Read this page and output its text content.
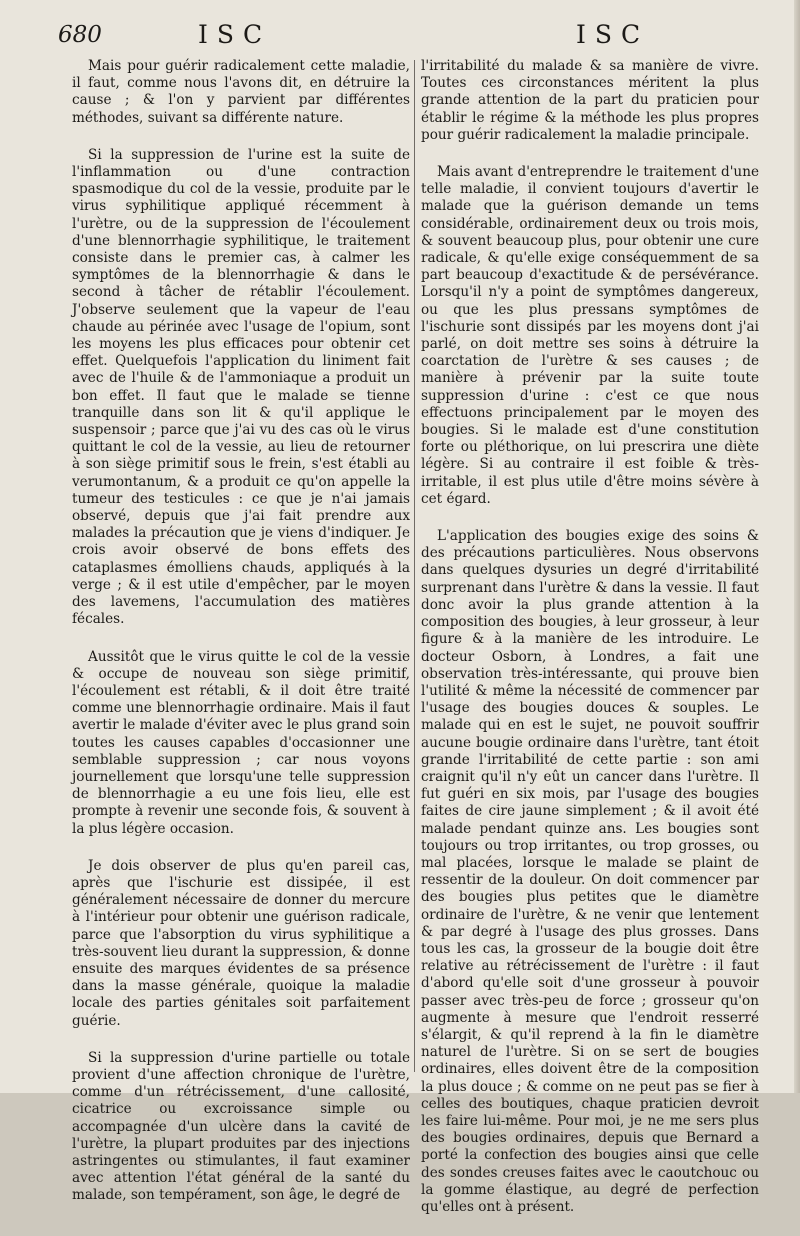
680	ISC	ISC

Mais pour guérir radicalement cette maladie, il faut, comme nous l'avons dit, en détruire la cause ; & l'on y parvient par différentes méthodes, suivant sa différente nature.

Si la suppression de l'urine est la suite de l'inflammation ou d'une contraction spasmodique du col de la vessie, produite par le virus syphilitique appliqué récemment à l'urètre, ou de la suppression de l'écoulement d'une blennorrhagie syphilitique, le traitement consiste dans le premier cas, à calmer les symptômes de la blennorrhagie & dans le second à tâcher de rétablir l'écoulement. J'observe seulement que la vapeur de l'eau chaude au périnée avec l'usage de l'opium, sont les moyens les plus efficaces pour obtenir cet effet. Quelquefois l'application du liniment fait avec de l'huile & de l'ammoniaque a produit un bon effet. Il faut que le malade se tienne tranquille dans son lit & qu'il applique le suspensoir ; parce que j'ai vu des cas où le virus quittant le col de la vessie, au lieu de retourner à son siège primitif sous le frein, s'est établi au verumontanum, & a produit ce qu'on appelle la tumeur des testicules : ce que je n'ai jamais observé, depuis que j'ai fait prendre aux malades la précaution que je viens d'indiquer. Je crois avoir observé de bons effets des cataplasmes émolliens chauds, appliqués à la verge ; & il est utile d'empêcher, par le moyen des lavemens, l'accumulation des matières fécales.

Aussitôt que le virus quitte le col de la vessie & occupe de nouveau son siège primitif, l'écoulement est rétabli, & il doit être traité comme une blennorrhagie ordinaire. Mais il faut avertir le malade d'éviter avec le plus grand soin toutes les causes capables d'occasionner une semblable suppression ; car nous voyons journellement que lorsqu'une telle suppression de blennorrhagie a eu une fois lieu, elle est prompte à revenir une seconde fois, & souvent à la plus légère occasion.

Je dois observer de plus qu'en pareil cas, après que l'ischurie est dissipée, il est généralement nécessaire de donner du mercure à l'intérieur pour obtenir une guérison radicale, parce que l'absorption du virus syphilitique a très-souvent lieu durant la suppression, & donne ensuite des marques évidentes de sa présence dans la masse générale, quoique la maladie locale des parties génitales soit parfaitement guérie.

Si la suppression d'urine partielle ou totale provient d'une affection chronique de l'urètre, comme d'un rétrécissement, d'une callosité, cicatrice ou excroissance simple ou accompagnée d'un ulcère dans la cavité de l'urètre, la plupart produites par des injections astringentes ou stimulantes, il faut examiner avec attention l'état général de la santé du malade, son tempérament, son âge, le degré de

l'irritabilité du malade & sa manière de vivre. Toutes ces circonstances méritent la plus grande attention de la part du praticien pour établir le régime & la méthode les plus propres pour guérir radicalement la maladie principale.

Mais avant d'entreprendre le traitement d'une telle maladie, il convient toujours d'avertir le malade que la guérison demande un tems considérable, ordinairement deux ou trois mois, & souvent beaucoup plus, pour obtenir une cure radicale, & qu'elle exige conséquemment de sa part beaucoup d'exactitude & de persévérance. Lorsqu'il n'y a point de symptômes dangereux, ou que les plus pressans symptômes de l'ischurie sont dissipés par les moyens dont j'ai parlé, on doit mettre ses soins à détruire la coarctation de l'urètre & ses causes ; de manière à prévenir par la suite toute suppression d'urine : c'est ce que nous effectuons principalement par le moyen des bougies. Si le malade est d'une constitution forte ou pléthorique, on lui prescrira une diète légère. Si au contraire il est foible & très-irritable, il est plus utile d'être moins sévère à cet égard.

L'application des bougies exige des soins & des précautions particulières. Nous observons dans quelques dysuries un degré d'irritabilité surprenant dans l'urètre & dans la vessie. Il faut donc avoir la plus grande attention à la composition des bougies, à leur grosseur, à leur figure & à la manière de les introduire. Le docteur Osborn, à Londres, a fait une observation très-intéressante, qui prouve bien l'utilité & même la nécessité de commencer par l'usage des bougies douces & souples. Le malade qui en est le sujet, ne pouvoit souffrir aucune bougie ordinaire dans l'urètre, tant étoit grande l'irritabilité de cette partie : son ami craignit qu'il n'y eût un cancer dans l'urètre. Il fut guéri en six mois, par l'usage des bougies faites de cire jaune simplement ; & il avoit été malade pendant quinze ans. Les bougies sont toujours ou trop irritantes, ou trop grosses, ou mal placées, lorsque le malade se plaint de ressentir de la douleur. On doit commencer par des bougies plus petites que le diamètre ordinaire de l'urètre, & ne venir que lentement & par degré à l'usage des plus grosses. Dans tous les cas, la grosseur de la bougie doit être relative au rétrécissement de l'urètre : il faut d'abord qu'elle soit d'une grosseur à pouvoir passer avec très-peu de force ; grosseur qu'on augmente à mesure que l'endroit resserré s'élargit, & qu'il reprend à la fin le diamètre naturel de l'urètre. Si on se sert de bougies ordinaires, elles doivent être de la composition la plus douce ; & comme on ne peut pas se fier à celles des boutiques, chaque praticien devroit les faire lui-même. Pour moi, je ne me sers plus des bougies ordinaires, depuis que Bernard a porté la confection des bougies ainsi que celle des sondes creuses faites avec le caoutchouc ou la gomme élastique, au degré de perfection qu'elles ont à présent.
